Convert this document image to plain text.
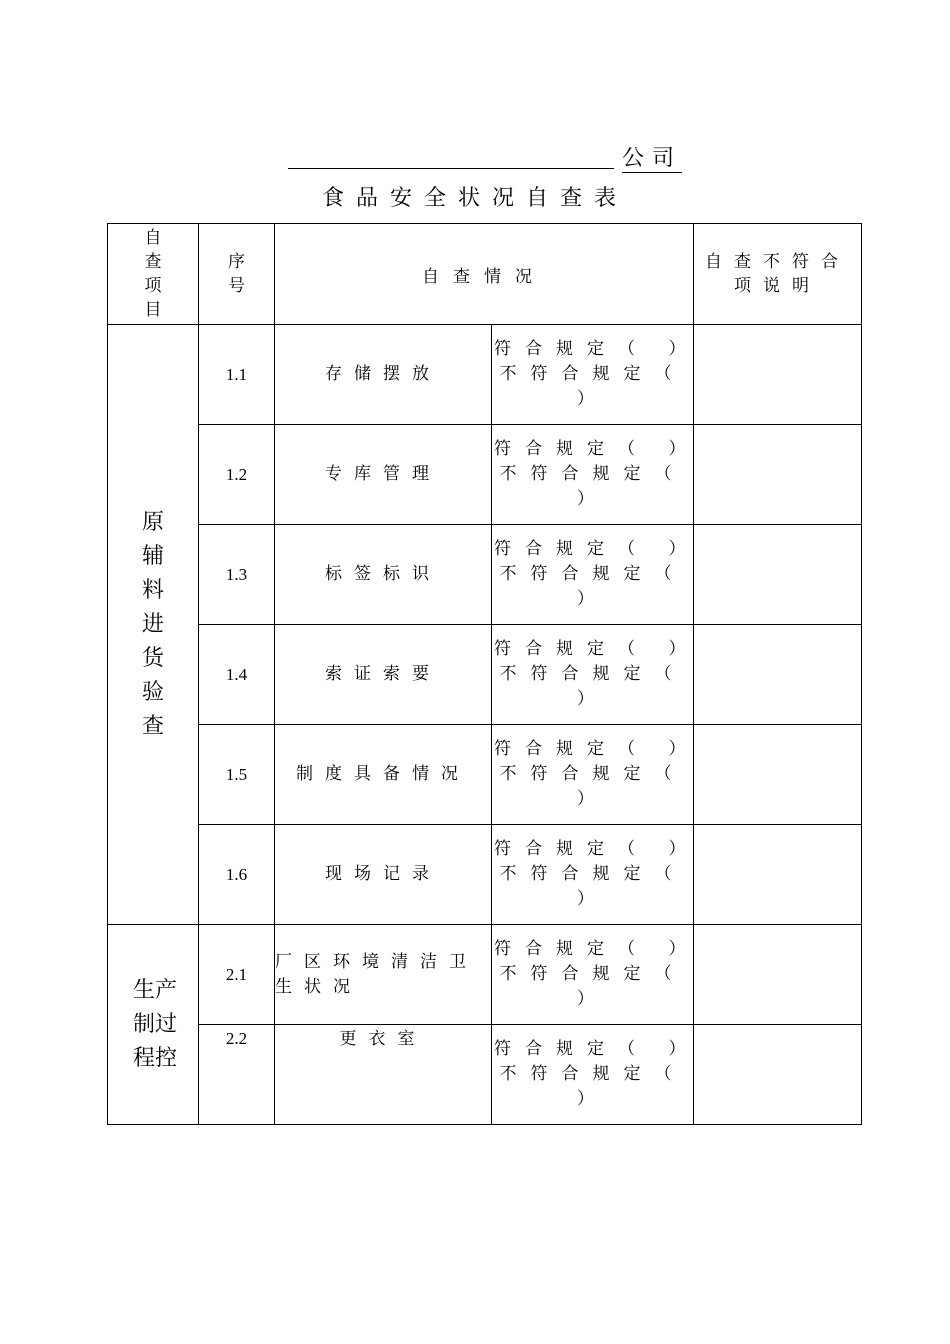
公司
食品安全状况自查表
自查项目	序号	自查情况		自查不符合项说明

原辅料进货验查	1.1	存储摆放	符合规定（ ）不符合规定（ ）	
	1.2	专库管理	符合规定（ ）不符合规定（ ）	
	1.3	标签标识	符合规定（ ）不符合规定（ ）	
	1.4	索证索要	符合规定（ ）不符合规定（ ）	
	1.5	制度具备情况	符合规定（ ）不符合规定（ ）	
	1.6	现场记录	符合规定（ ）不符合规定（ ）	
生产制过程控	2.1	厂区环境清洁卫生状况	符合规定（ ）不符合规定（ ）	
	2.2	更衣室	符合规定（ ）不符合规定（ ）	
